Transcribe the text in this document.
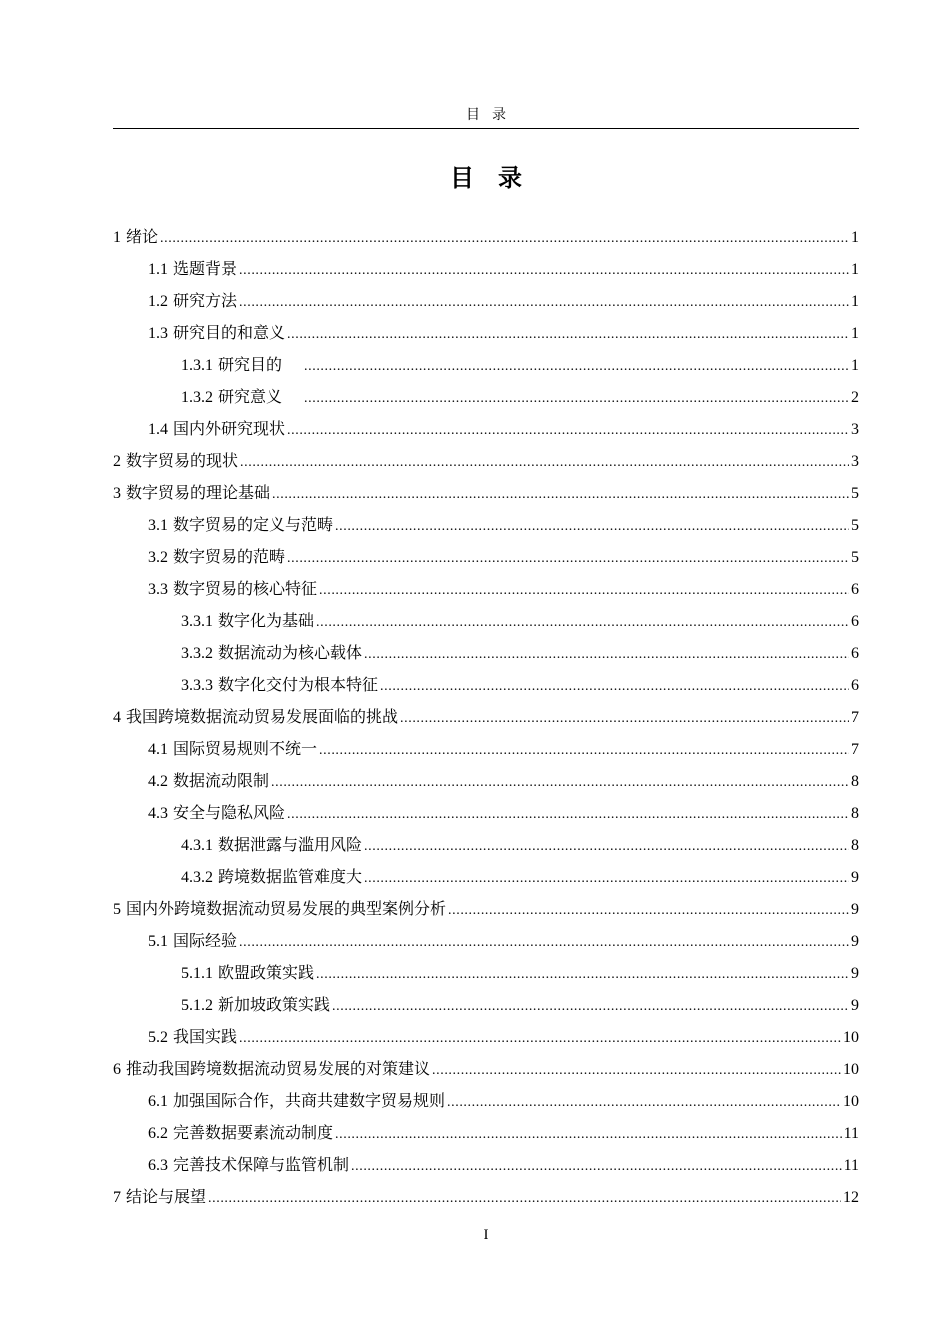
目录
目录
1 绪论 .....	1
1.1 选题背景 .....	1
1.2 研究方法 .....	1
1.3 研究目的和意义 .....	1
1.3.1 研究目的 .....	1
1.3.2 研究意义 .....	2
1.4 国内外研究现状 .....	3
2 数字贸易的现状 .....	3
3 数字贸易的理论基础 .....	5
3.1 数字贸易的定义与范畴 .....	5
3.2 数字贸易的范畴 .....	5
3.3 数字贸易的核心特征 .....	6
3.3.1 数字化为基础 .....	6
3.3.2 数据流动为核心载体 .....	6
3.3.3 数字化交付为根本特征 .....	6
4 我国跨境数据流动贸易发展面临的挑战 .....	7
4.1 国际贸易规则不统一 .....	7
4.2 数据流动限制 .....	8
4.3 安全与隐私风险 .....	8
4.3.1 数据泄露与滥用风险 .....	8
4.3.2 跨境数据监管难度大 .....	9
5 国内外跨境数据流动贸易发展的典型案例分析 .....	9
5.1 国际经验 .....	9
5.1.1 欧盟政策实践 .....	9
5.1.2 新加坡政策实践 .....	9
5.2 我国实践 .....	10
6 推动我国跨境数据流动贸易发展的对策建议 .....	10
6.1 加强国际合作，共商共建数字贸易规则 .....	10
6.2 完善数据要素流动制度 .....	11
6.3 完善技术保障与监管机制 .....	11
7 结论与展望 .....	12
I
